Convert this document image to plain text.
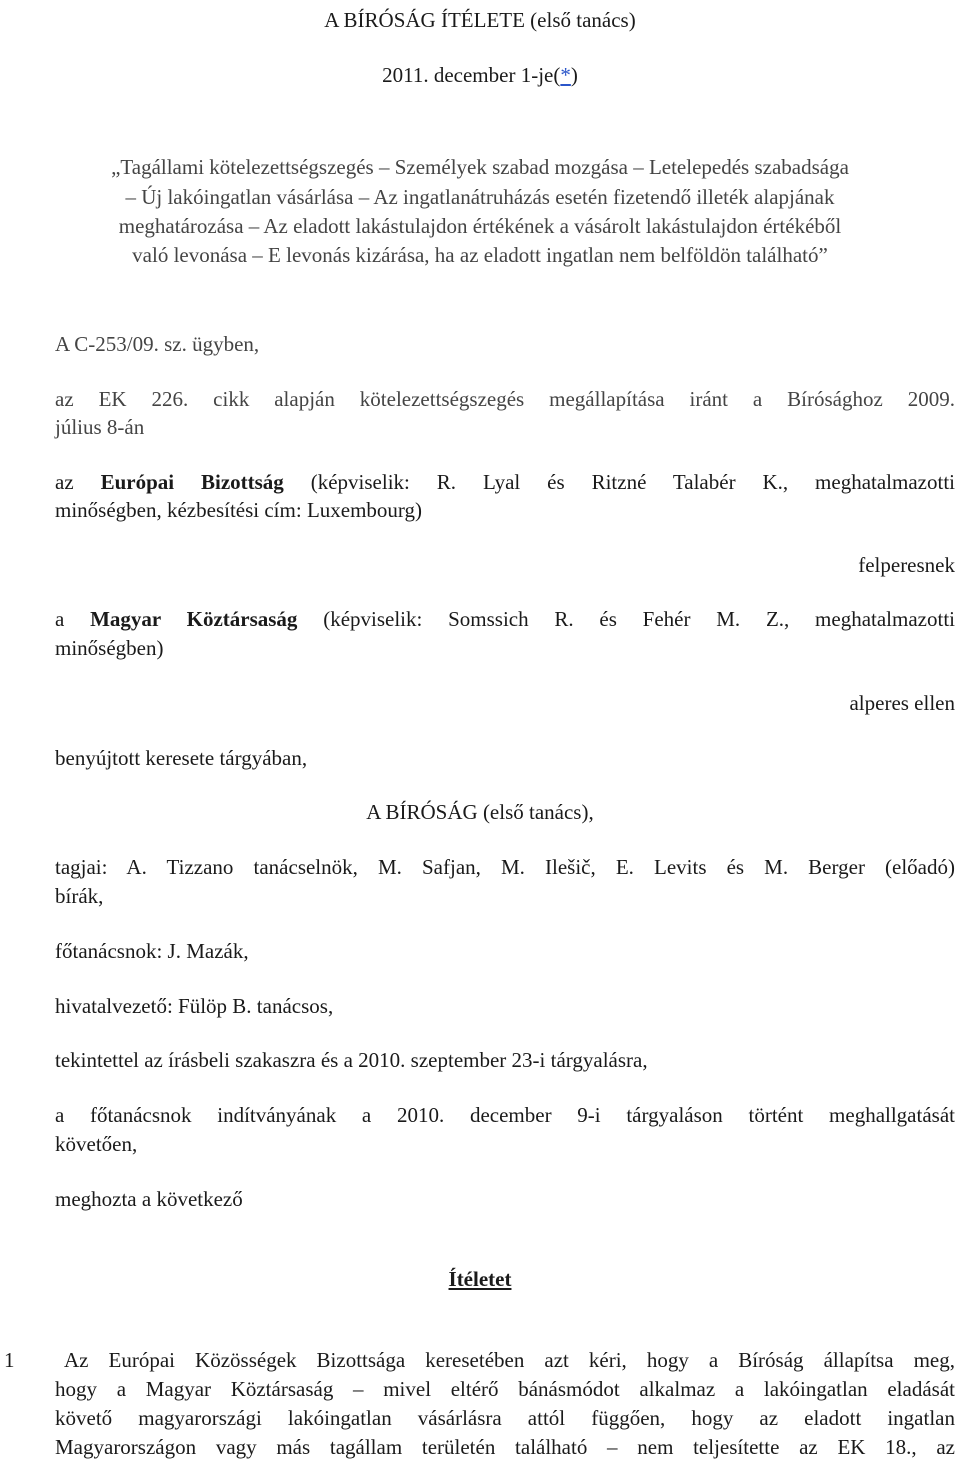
A BÍRÓSÁG ÍTÉLETE (első tanács)
2011. december 1-je(*)
„Tagállami kötelezettségszegés – Személyek szabad mozgása – Letelepedés szabadsága
– Új lakóingatlan vásárlása – Az ingatlanátruházás esetén fizetendő illeték alapjának
meghatározása – Az eladott lakástulajdon értékének a vásárolt lakástulajdon értékéből
való levonása – E levonás kizárása, ha az eladott ingatlan nem belföldön található”
A C-253/09. sz. ügyben,
az EK 226. cikk alapján kötelezettségszegés megállapítása iránt a Bírósághoz 2009.
július 8-án
az Európai Bizottság (képviselik: R. Lyal és Ritzné Talabér K., meghatalmazotti
minőségben, kézbesítési cím: Luxembourg)
felperesnek
a Magyar Köztársaság (képviselik: Somssich R. és Fehér M. Z., meghatalmazotti
minőségben)
alperes ellen
benyújtott keresete tárgyában,
A BÍRÓSÁG (első tanács),
tagjai: A. Tizzano tanácselnök, M. Safjan, M. Ilešič, E. Levits és M. Berger (előadó)
bírák,
főtanácsnok: J. Mazák,
hivatalvezető: Fülöp B. tanácsos,
tekintettel az írásbeli szakaszra és a 2010. szeptember 23-i tárgyalásra,
a főtanácsnok indítványának a 2010. december 9-i tárgyaláson történt meghallgatását
követően,
meghozta a következő
Ítéletet
1 Az Európai Közösségek Bizottsága keresetében azt kéri, hogy a Bíróság állapítsa meg,
hogy a Magyar Köztársaság – mivel eltérő bánásmódot alkalmaz a lakóingatlan eladását
követő magyarországi lakóingatlan vásárlásra attól függően, hogy az eladott ingatlan
Magyarországon vagy más tagállam területén található – nem teljesítette az EK 18., az
